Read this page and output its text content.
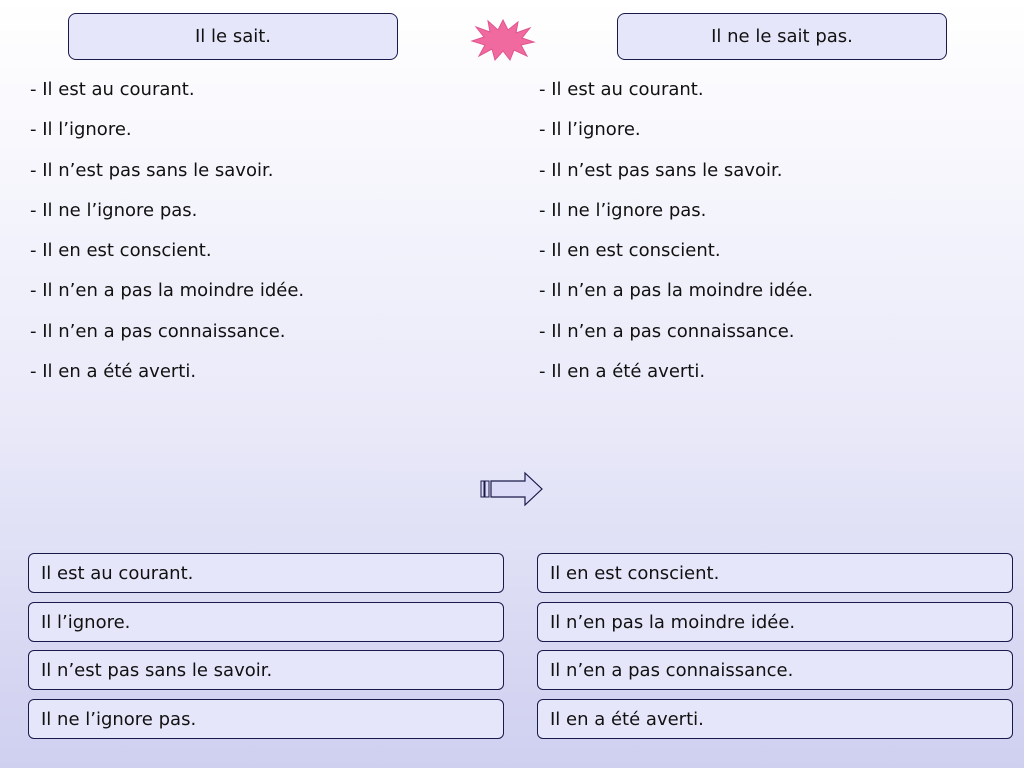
Il le sait.	Il ne le sait pas.
- Il est au courant.
- Il l’ignore.
- Il n’est pas sans le savoir.
- Il ne l’ignore pas.
- Il en est conscient.
- Il n’en a pas la moindre idée.
- Il n’en a pas connaissance.
- Il en a été averti.
- Il est au courant.
- Il l’ignore.
- Il n’est pas sans le savoir.
- Il ne l’ignore pas.
- Il en est conscient.
- Il n’en a pas la moindre idée.
- Il n’en a pas connaissance.
- Il en a été averti.
Il est au courant.
Il l’ignore.
Il n’est pas sans le savoir.
Il ne l’ignore pas.
Il en est conscient.
Il n’en pas la moindre idée.
Il n’en a pas connaissance.
Il en a été averti.
